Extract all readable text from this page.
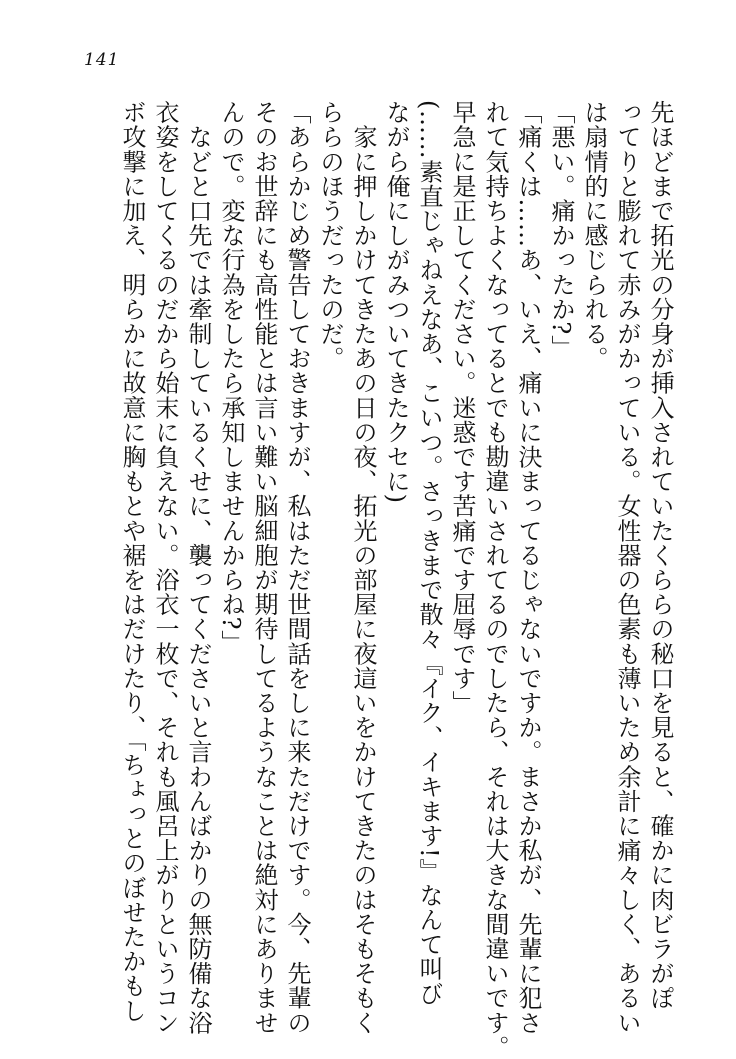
141
先ほどまで拓光の分身が挿入されていたくららの秘口を見ると、確かに肉ビラがぽ
ってりと膨れて赤みがかっている。女性器の色素も薄いため余計に痛々しく、あるい
は扇情的に感じられる。
「悪い。痛かったか?」
「痛くは……あ、いえ、痛いに決まってるじゃないですか。まさか私が、先輩に犯さ
れて気持ちよくなってるとでも勘違いされてるのでしたら、それは大きな間違いです。
早急に是正してください。迷惑です苦痛です屈辱です」
(……素直じゃねえなあ、こいつ。さっきまで散々『イク、イキます!』なんて叫び
ながら俺にしがみついてきたクセに)
　家に押しかけてきたあの日の夜、拓光の部屋に夜這いをかけてきたのはそもそもく
ららのほうだったのだ。
「あらかじめ警告しておきますが、私はただ世間話をしに来ただけです。今、先輩の
そのお世辞にも高性能とは言い難い脳細胞が期待してるようなことは絶対にありませ
んので。変な行為をしたら承知しませんからね?」
　などと口先では牽制しているくせに、襲ってくださいと言わんばかりの無防備な浴
衣姿をしてくるのだから始末に負えない。浴衣一枚で、それも風呂上がりというコン
ボ攻撃に加え、明らかに故意に胸もとや裾をはだけたり、「ちょっとのぼせたかもし
